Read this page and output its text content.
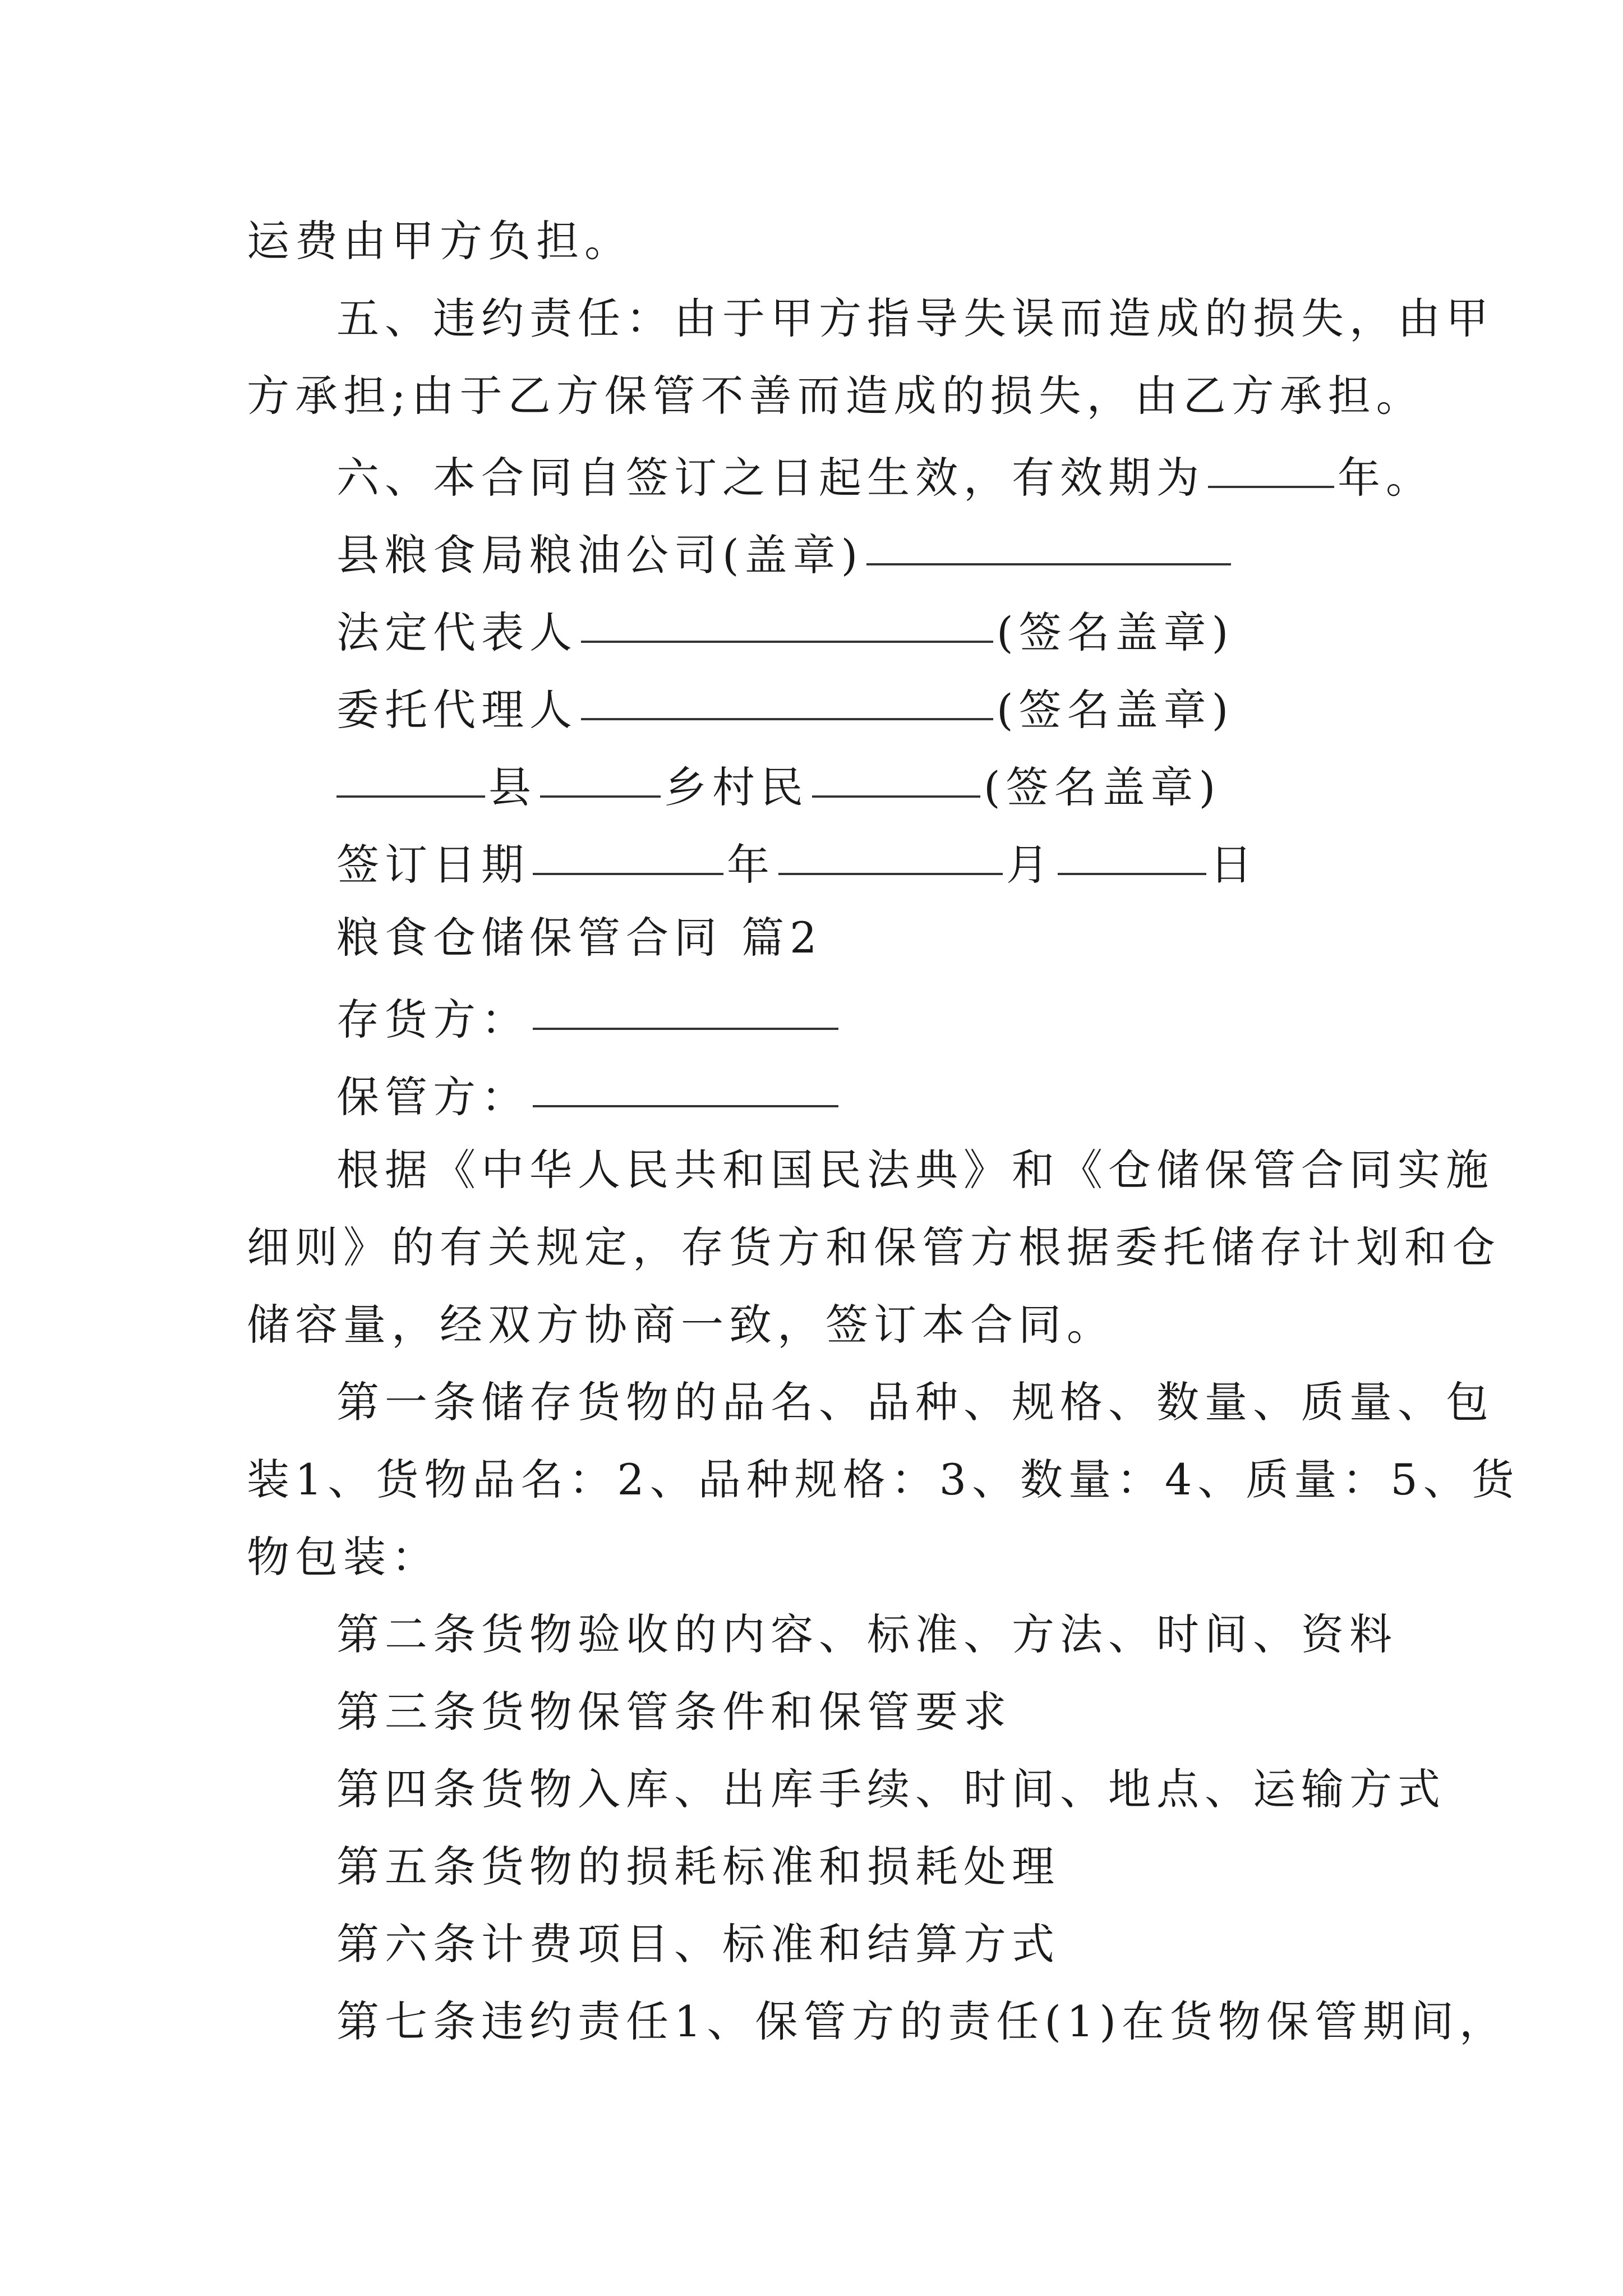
运费由甲方负担。
五、违约责任：由于甲方指导失误而造成的损失，由甲
方承担;由于乙方保管不善而造成的损失，由乙方承担。
六、本合同自签订之日起生效，有效期为	年。
县粮食局粮油公司(盖章)
法定代表人	(签名盖章)
委托代理人	(签名盖章)
县	乡村民	(签名盖章)
签订日期	年	月	日
粮食仓储保管合同 篇2
存货方：
保管方：
根据《中华人民共和国民法典》和《仓储保管合同实施
细则》的有关规定，存货方和保管方根据委托储存计划和仓
储容量，经双方协商一致，签订本合同。
第一条储存货物的品名、品种、规格、数量、质量、包
装1、货物品名：2、品种规格：3、数量：4、质量：5、货
物包装：
第二条货物验收的内容、标准、方法、时间、资料
第三条货物保管条件和保管要求
第四条货物入库、出库手续、时间、地点、运输方式
第五条货物的损耗标准和损耗处理
第六条计费项目、标准和结算方式
第七条违约责任1、保管方的责任(1)在货物保管期间，
